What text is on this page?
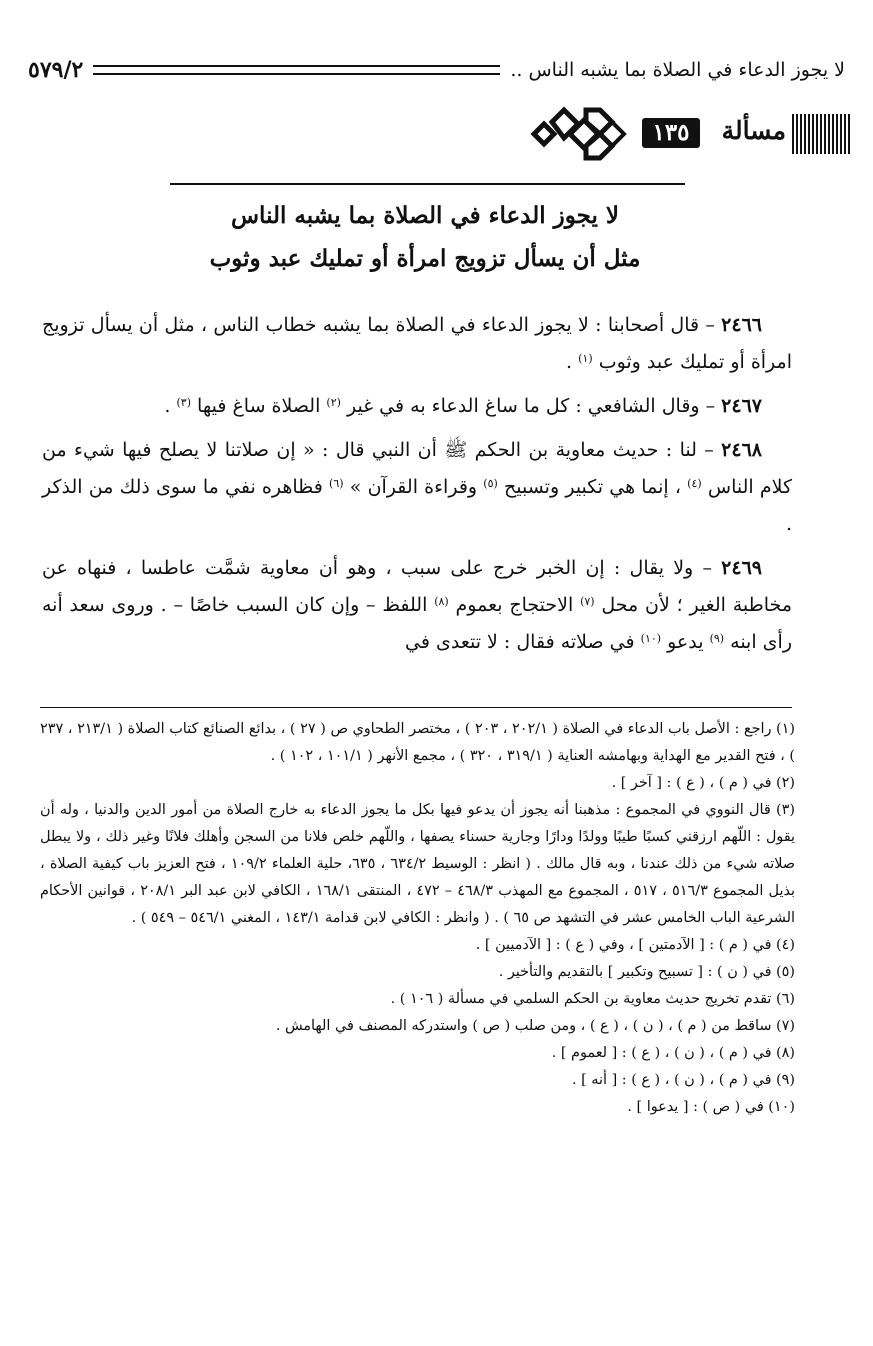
لا يجوز الدعاء في الصلاة بما يشبه الناس ..
٥٧٩/٢
مسألة
١٣٥
لا يجوز الدعاء في الصلاة بما يشبه الناس
مثل أن يسأل تزويج امرأة أو تمليك عبد وثوب

٢٤٦٦ – قال أصحابنا : لا يجوز الدعاء في الصلاة بما يشبه خطاب الناس ، مثل أن يسأل تزويج امرأة أو تمليك عبد وثوب $^{(١)}$ .

٢٤٦٧ – وقال الشافعي : كل ما ساغ الدعاء به في غير $^{(٢)}$ الصلاة ساغ فيها $^{(٣)}$ .

٢٤٦٨ – لنا : حديث معاوية بن الحكم ﷺ أن النبي قال : « إن صلاتنا لا يصلح فيها شيء من كلام الناس $^{(٤)}$ ، إنما هي تكبير وتسبيح $^{(٥)}$ وقراءة القرآن » $^{(٦)}$ فظاهره نفي ما سوى ذلك من الذكر .

٢٤٦٩ – ولا يقال : إن الخبر خرج على سبب ، وهو أن معاوية شمَّت عاطسا ، فنهاه عن مخاطبة الغير ؛ لأن محل $^{(٧)}$ الاحتجاج بعموم $^{(٨)}$ اللفظ – وإن كان السبب خاصًا – . وروى سعد أنه رأى ابنه $^{(٩)}$ يدعو $^{(١٠)}$ في صلاته فقال : لا تتعدى في

(١) راجع : الأصل باب الدعاء في الصلاة ( ٢٠٢/١ ، ٢٠٣ ) ، مختصر الطحاوي ص ( ٢٧ ) ، بدائع الصنائع كتاب الصلاة ( ٢١٣/١ ، ٢٣٧ ) ، فتح القدير مع الهداية وبهامشه العناية ( ٣١٩/١ ، ٣٢٠ ) ، مجمع الأنهر ( ١٠١/١ ، ١٠٢ ) .

(٢) في ( م ) ، ( ع ) : [ آخر ] .

(٣) قال النووي في المجموع : مذهبنا أنه يجوز أن يدعو فيها بكل ما يجوز الدعاء به خارج الصلاة من أمور الدين والدنيا ، وله أن يقول : اللّهم ارزقني كسبًا طيبًا وولدًا ودارًا وجارية حسناء يصفها ، واللّهم خلص فلانا من السجن وأهلك فلانًا وغير ذلك ، ولا يبطل صلاته شيء من ذلك عندنا ، وبه قال مالك . ( انظر : الوسيط ٦٣٤/٢ ، ٦٣٥، حلية العلماء ١٠٩/٢ ، فتح العزيز باب كيفية الصلاة ، بذيل المجموع ٥١٦/٣ ، ٥١٧ ، المجموع مع المهذب ٤٦٨/٣ – ٤٧٢ ، المنتقى ١٦٨/١ ، الكافي لابن عبد البر ٢٠٨/١ ، قوانين الأحكام الشرعية الباب الخامس عشر في التشهد ص ٦٥ ) . ( وانظر : الكافي لابن قدامة ١٤٣/١ ، المغني ٥٤٦/١ – ٥٤٩ ) .

(٤) في ( م ) : [ الآدمتين ] ، وفي ( ع ) : [ الآدميين ] .

(٥) في ( ن ) : [ تسبيح وتكبير ] بالتقديم والتأخير .

(٦) تقدم تخريج حديث معاوية بن الحكم السلمي في مسألة ( ١٠٦ ) .

(٧) ساقط من ( م ) ، ( ن ) ، ( ع ) ، ومن صلب ( ص ) واستدركه المصنف في الهامش .

(٨) في ( م ) ، ( ن ) ، ( ع ) : [ لعموم ] .

(٩) في ( م ) ، ( ن ) ، ( ع ) : [ أنه ] .

(١٠) في ( ص ) : [ يدعوا ] .
